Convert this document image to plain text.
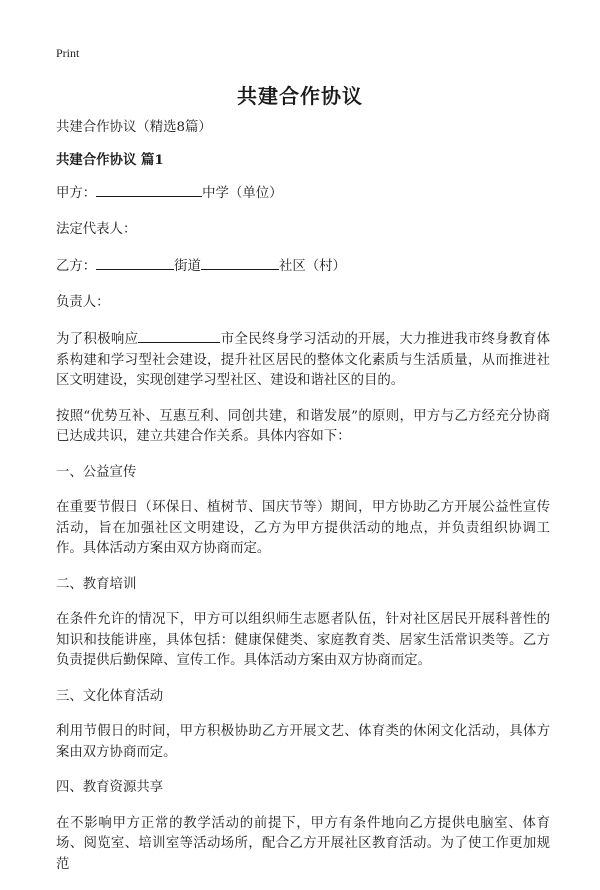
Print
共建合作协议

共建合作协议（精选8篇）

共建合作协议 篇1

甲方：	中学（单位）

法定代表人：

乙方：	街道	社区（村）

负责人：

为了积极响应	市全民终身学习活动的开展，大力推进我市终身教育体系构建和学习型社会建设，提升社区居民的整体文化素质与生活质量，从而推进社区文明建设，实现创建学习型社区、建设和谐社区的目的。

按照“优势互补、互惠互利、同创共建，和谐发展”的原则，甲方与乙方经充分协商已达成共识，建立共建合作关系。具体内容如下：

一、公益宣传

在重要节假日（环保日、植树节、国庆节等）期间，甲方协助乙方开展公益性宣传活动，旨在加强社区文明建设，乙方为甲方提供活动的地点，并负责组织协调工作。具体活动方案由双方协商而定。

二、教育培训

在条件允许的情况下，甲方可以组织师生志愿者队伍，针对社区居民开展科普性的知识和技能讲座，具体包括：健康保健类、家庭教育类、居家生活常识类等。乙方负责提供后勤保障、宣传工作。具体活动方案由双方协商而定。

三、文化体育活动

利用节假日的时间，甲方积极协助乙方开展文艺、体育类的休闲文化活动，具体方案由双方协商而定。

四、教育资源共享

在不影响甲方正常的教学活动的前提下，甲方有条件地向乙方提供电脑室、体育场、阅览室、培训室等活动场所，配合乙方开展社区教育活动。为了使工作更加规范
